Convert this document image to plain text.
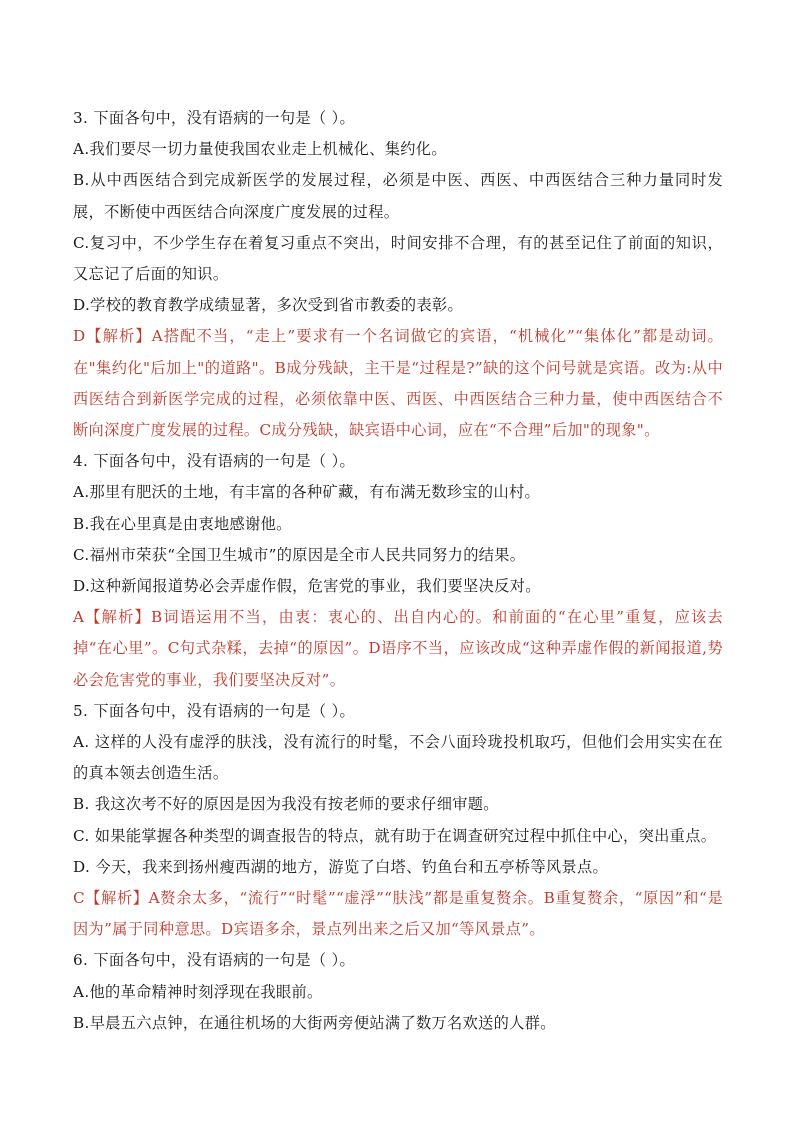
3. 下面各句中，没有语病的一句是（ ）。

A.我们要尽一切力量使我国农业走上机械化、集约化。

B.从中西医结合到完成新医学的发展过程，必须是中医、西医、中西医结合三种力量同时发展，不断使中西医结合向深度广度发展的过程。

C.复习中，不少学生存在着复习重点不突出，时间安排不合理，有的甚至记住了前面的知识，又忘记了后面的知识。

D.学校的教育教学成绩显著，多次受到省市教委的表彰。

D【解析】A搭配不当，“走上”要求有一个名词做它的宾语，“机械化”“集体化”都是动词。在"集约化"后加上"的道路"。B成分残缺，主干是“过程是?”缺的这个问号就是宾语。改为:从中西医结合到新医学完成的过程，必须依靠中医、西医、中西医结合三种力量，使中西医结合不断向深度广度发展的过程。C成分残缺，缺宾语中心词，应在“不合理”后加"的现象"。

4. 下面各句中，没有语病的一句是（ ）。

A.那里有肥沃的土地，有丰富的各种矿藏，有布满无数珍宝的山村。

B.我在心里真是由衷地感谢他。

C.福州市荣获“全国卫生城市”的原因是全市人民共同努力的结果。

D.这种新闻报道势必会弄虚作假，危害党的事业，我们要坚决反对。

A【解析】B词语运用不当，由衷：衷心的、出自内心的。和前面的“在心里”重复，应该去掉“在心里”。C句式杂糅，去掉“的原因”。D语序不当，应该改成“这种弄虚作假的新闻报道,势必会危害党的事业，我们要坚决反对”。

5. 下面各句中，没有语病的一句是（ ）。

A. 这样的人没有虚浮的肤浅，没有流行的时髦，不会八面玲珑投机取巧，但他们会用实实在在的真本领去创造生活。

B. 我这次考不好的原因是因为我没有按老师的要求仔细审题。

C. 如果能掌握各种类型的调查报告的特点，就有助于在调查研究过程中抓住中心，突出重点。

D. 今天，我来到扬州瘦西湖的地方，游览了白塔、钓鱼台和五亭桥等风景点。

C【解析】A赘余太多，“流行”“时髦”“虚浮”“肤浅”都是重复赘余。B重复赘余，“原因”和“是因为”属于同种意思。D宾语多余，景点列出来之后又加“等风景点”。

6. 下面各句中，没有语病的一句是（ ）。

A.他的革命精神时刻浮现在我眼前。

B.早晨五六点钟，在通往机场的大街两旁便站满了数万名欢送的人群。
